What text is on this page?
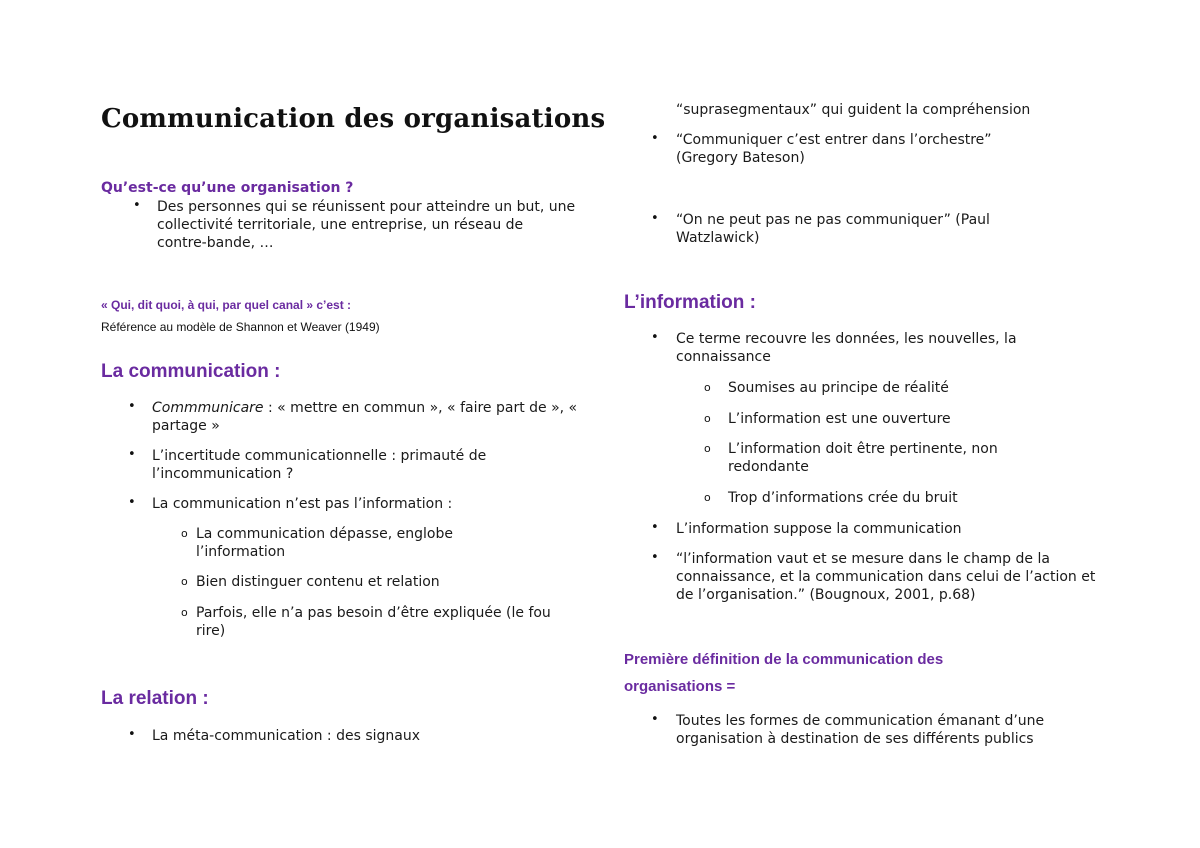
Communication des organisations
Qu’est-ce qu’une organisation ?
• Des personnes qui se réunissent pour atteindre un but, une collectivité territoriale, une entreprise, un réseau de contre-bande, …
« Qui, dit quoi, à qui, par quel canal » c’est :
Référence au modèle de Shannon et Weaver (1949)
La communication :
• Commmunicare : « mettre en commun », « faire part de », « partage »
• L’incertitude communicationnelle : primauté de l’incommunication ?
• La communication n’est pas l’information :
o La communication dépasse, englobe l’information
o Bien distinguer contenu et relation
o Parfois, elle n’a pas besoin d’être expliquée (le fou rire)
La relation :
• La méta-communication : des signaux
“suprasegmentaux” qui guident la compréhension
• “Communiquer c’est entrer dans l’orchestre” (Gregory Bateson)
• “On ne peut pas ne pas communiquer” (Paul Watzlawick)
L’information :
• Ce terme recouvre les données, les nouvelles, la connaissance
o Soumises au principe de réalité
o L’information est une ouverture
o L’information doit être pertinente, non redondante
o Trop d’informations crée du bruit
• L’information suppose la communication
• “l’information vaut et se mesure dans le champ de la connaissance, et la communication dans celui de l’action et de l’organisation.” (Bougnoux, 2001, p.68)
Première définition de la communication des
organisations =
• Toutes les formes de communication émanant d’une organisation à destination de ses différents publics
